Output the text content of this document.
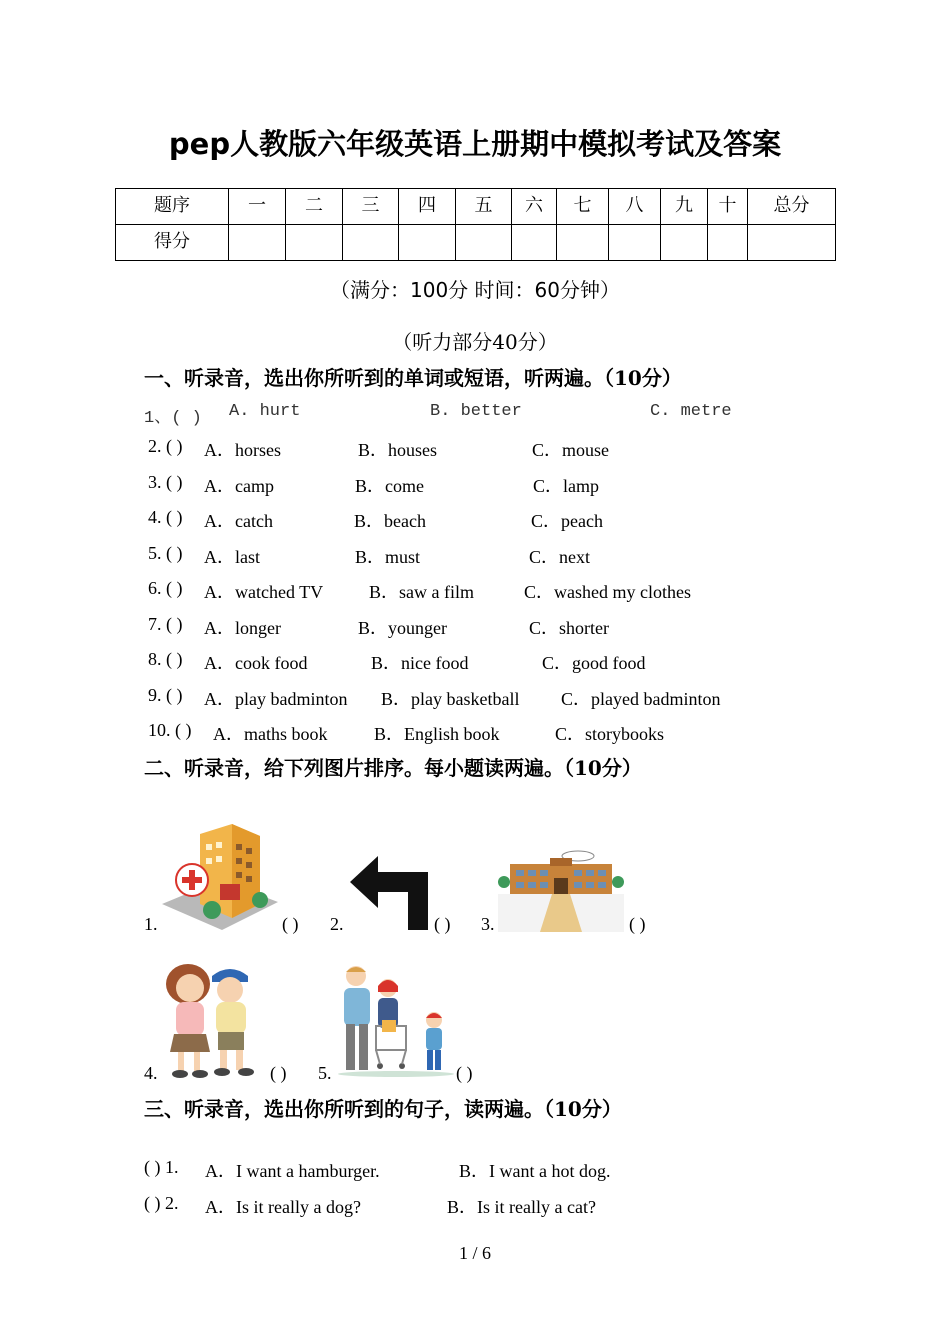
pep人教版六年级英语上册期中模拟考试及答案
题序	一	二	三	四	五	六	七	八	九	十	总分
得分											
（满分：100分 时间：60分钟）
（听力部分40分）
一、听录音，选出你所听到的单词或短语，听两遍。（10分）
1、( ) A. hurt	B. better	C. metre
2. ( ) A．horses	B．houses	C．mouse
3. ( ) A．camp	B．come	C．lamp
4. ( ) A．catch	B．beach	C．peach
5. ( ) A．last	B．must	C．next
6. ( ) A．watched TV	B．saw a film	C．washed my clothes
7. ( ) A．longer	B．younger	C．shorter
8. ( ) A．cook food	B．nice food	C．good food
9. ( ) A．play badminton B．play basketball C．played badminton
10. ( ) A．maths book	B．English book	C．storybooks
二、听录音，给下列图片排序。每小题读两遍。（10分）
1.	( ) 2.	( ) 3.	( )
4.	( ) 5.	( )
三、听录音，选出你所听到的句子，读两遍。（10分）
( ) 1. A．I want a hamburger.	B．I want a hot dog.
( ) 2. A．Is it really a dog?	B．Is it really a cat?
1 / 6
